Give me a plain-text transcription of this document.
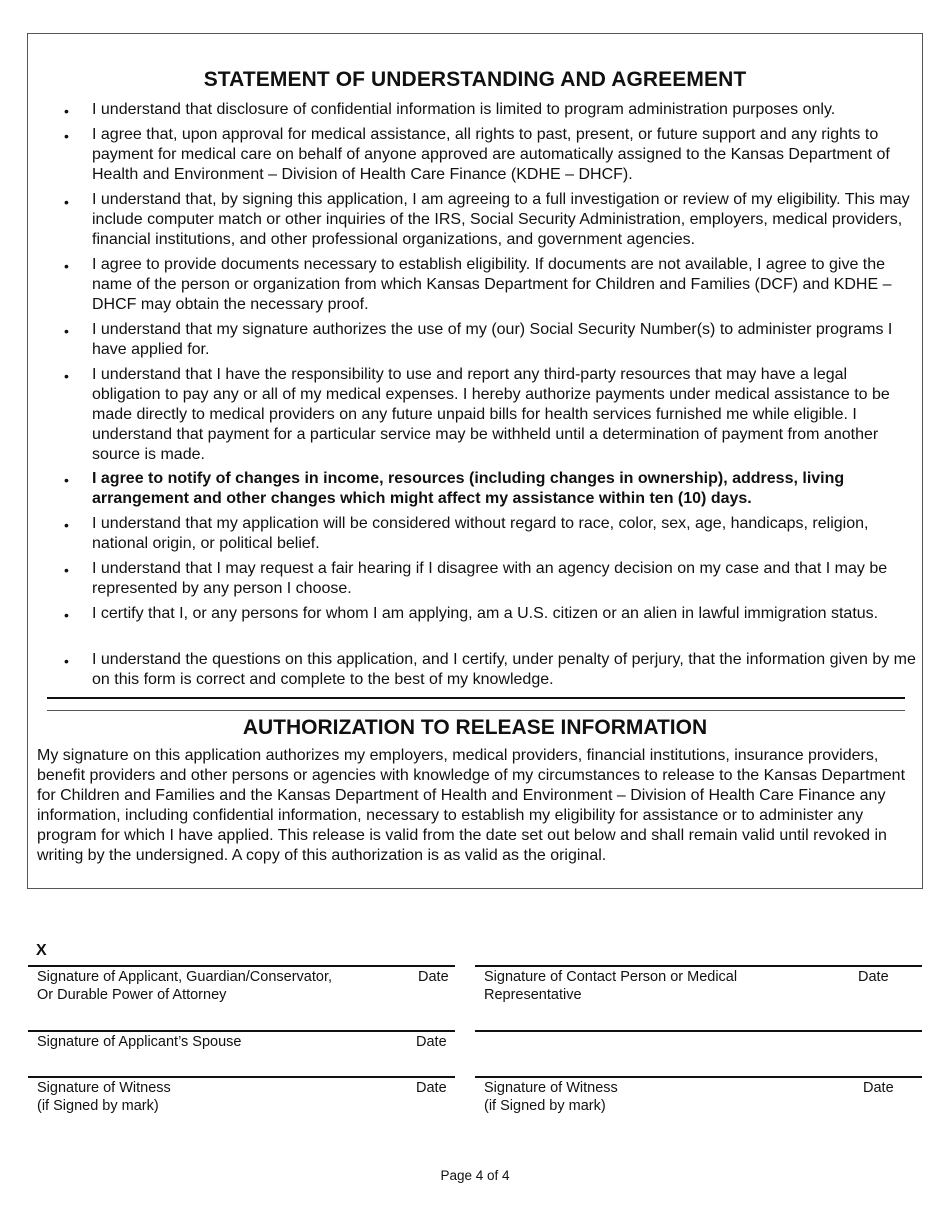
STATEMENT OF UNDERSTANDING AND AGREEMENT
• I understand that disclosure of confidential information is limited to program administration purposes only.
• I agree that, upon approval for medical assistance, all rights to past, present, or future support and any rights to payment for medical care on behalf of anyone approved are automatically assigned to the Kansas Department of Health and Environment – Division of Health Care Finance (KDHE – DHCF).
• I understand that, by signing this application, I am agreeing to a full investigation or review of my eligibility. This may include computer match or other inquiries of the IRS, Social Security Administration, employers, medical providers, financial institutions, and other professional organizations, and government agencies.
• I agree to provide documents necessary to establish eligibility. If documents are not available, I agree to give the name of the person or organization from which Kansas Department for Children and Families (DCF) and KDHE – DHCF may obtain the necessary proof.
• I understand that my signature authorizes the use of my (our) Social Security Number(s) to administer programs I have applied for.
• I understand that I have the responsibility to use and report any third-party resources that may have a legal obligation to pay any or all of my medical expenses. I hereby authorize payments under medical assistance to be made directly to medical providers on any future unpaid bills for health services furnished me while eligible. I understand that payment for a particular service may be withheld until a determination of payment from another source is made.
• I agree to notify of changes in income, resources (including changes in ownership), address, living arrangement and other changes which might affect my assistance within ten (10) days.
• I understand that my application will be considered without regard to race, color, sex, age, handicaps, religion, national origin, or political belief.
• I understand that I may request a fair hearing if I disagree with an agency decision on my case and that I may be represented by any person I choose.
• I certify that I, or any persons for whom I am applying, am a U.S. citizen or an alien in lawful immigration status.
• I understand the questions on this application, and I certify, under penalty of perjury, that the information given by me on this form is correct and complete to the best of my knowledge.
AUTHORIZATION TO RELEASE INFORMATION
My signature on this application authorizes my employers, medical providers, financial institutions, insurance providers, benefit providers and other persons or agencies with knowledge of my circumstances to release to the Kansas Department for Children and Families and the Kansas Department of Health and Environment – Division of Health Care Finance any information, including confidential information, necessary to establish my eligibility for assistance or to administer any program for which I have applied. This release is valid from the date set out below and shall remain valid until revoked in writing by the undersigned. A copy of this authorization is as valid as the original.
X
Signature of Applicant, Guardian/Conservator,
Or Durable Power of Attorney
Date Signature of Contact Person or Medical
Representative
Date
Signature of Applicant’s Spouse	Date
Signature of Witness
(if Signed by mark)
Date	Signature of Witness
(if Signed by mark)
Date
Page 4 of 4
